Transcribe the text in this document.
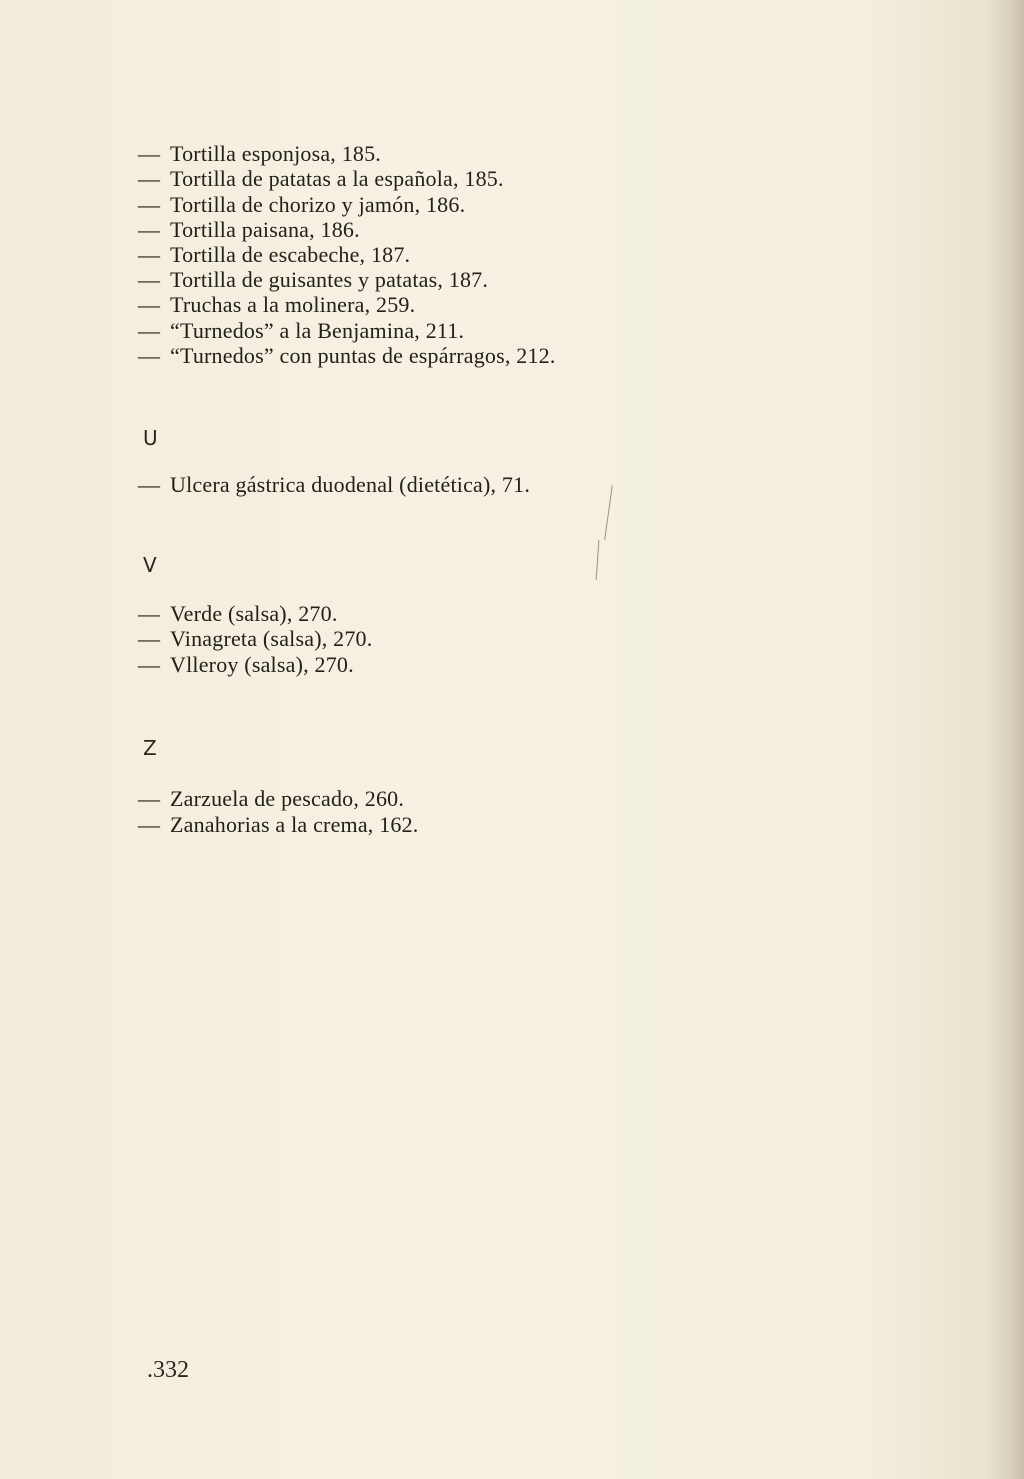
— Tortilla esponjosa, 185.
— Tortilla de patatas a la española, 185.
— Tortilla de chorizo y jamón, 186.
— Tortilla paisana, 186.
— Tortilla de escabeche, 187.
— Tortilla de guisantes y patatas, 187.
— Truchas a la molinera, 259.
— “Turnedos” a la Benjamina, 211.
— “Turnedos” con puntas de espárragos, 212.
U
— Ulcera gástrica duodenal (dietética), 71.
V
— Verde (salsa), 270.
— Vinagreta (salsa), 270.
— Vlleroy (salsa), 270.
Z
— Zarzuela de pescado, 260.
— Zanahorias a la crema, 162.
.332
